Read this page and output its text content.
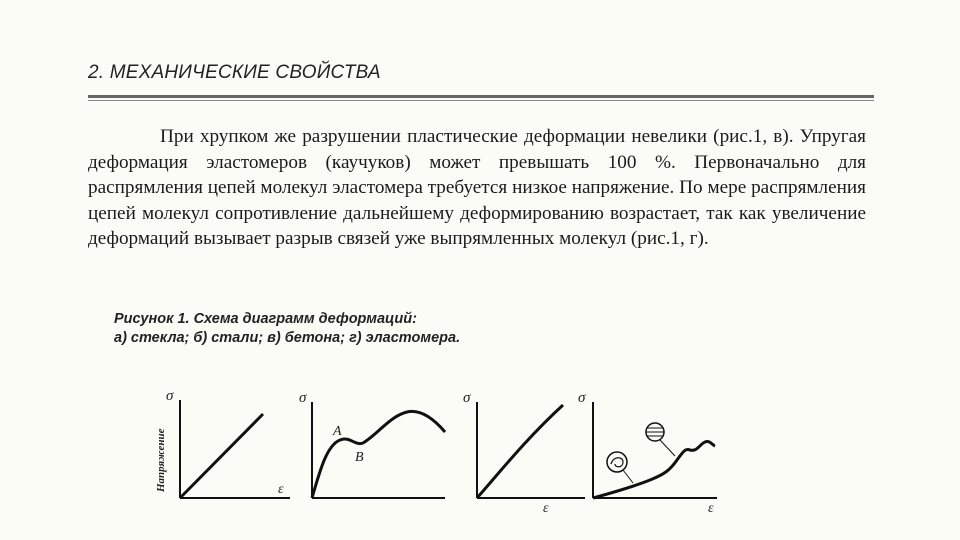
2. МЕХАНИЧЕСКИЕ СВОЙСТВА

При хрупком же разрушении пластические деформации невелики (рис.1, в). Упругая деформация эластомеров (каучуков) может превышать 100 %. Первоначально для распрямления цепей молекул эластомера требуется низкое напряжение. По мере распрямления цепей молекул сопротивление дальнейшему деформированию возрастает, так как увеличение деформаций вызывает разрыв связей уже выпрямленных молекул (рис.1, г).

Рисунок 1. Схема диаграмм деформаций:
а) стекла; б) стали; в) бетона; г) эластомера.
σ
Напряжение	ε
σ
A
B
σ
ε
σ
ε
